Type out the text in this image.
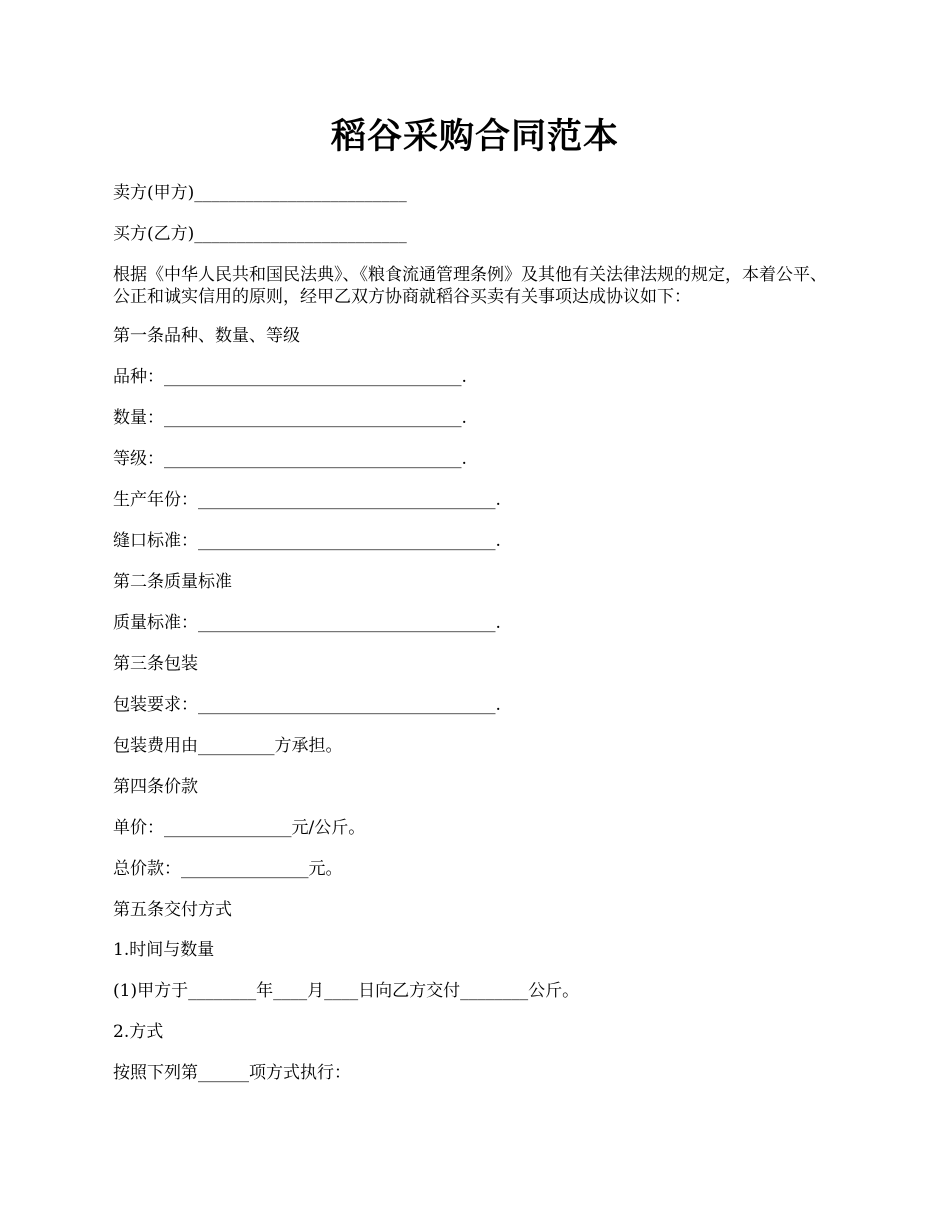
稻谷采购合同范本
卖方(甲方)_________________________
买方(乙方)_________________________
根据《中华人民共和国民法典》、《粮食流通管理条例》及其他有关法律法规的规定，本着公平、公正和诚实信用的原则，经甲乙双方协商就稻谷买卖有关事项达成协议如下：
第一条品种、数量、等级
品种：___________________________________.
数量：___________________________________.
等级：___________________________________.
生产年份：___________________________________.
缝口标准：___________________________________.
第二条质量标准
质量标准：___________________________________.
第三条包装
包装要求：___________________________________.
包装费用由_________方承担。
第四条价款
单价：_______________元/公斤。
总价款：_______________元。
第五条交付方式
1.时间与数量
(1)甲方于________年____月____日向乙方交付________公斤。
2.方式
按照下列第______项方式执行：
